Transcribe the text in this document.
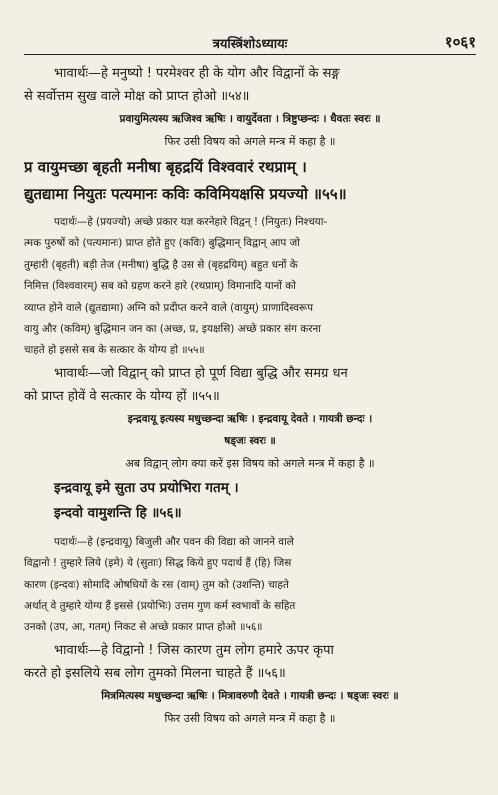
त्रयस्त्रिंशोऽध्यायः	१०६१
भावार्थः—हे मनुष्यो ! परमेश्वर ही के योग और विद्वानों के सङ्ग
से सर्वोत्तम सुख वाले मोक्ष को प्राप्त होओ ॥५४॥
प्रवायुमित्यस्य ऋजिश्व ऋषिः । वायुर्देवता । त्रिष्टुप्छन्दः । धैवतः स्वरः ॥
फिर उसी विषय को अगले मन्त्र में कहा है ॥
प्र वायुमच्छा बृहती मनीषा बृहद्रयिं विश्ववारं रथप्राम् ।
द्युतद्यामा नियुतः पत्यमानः कविः कविमियक्षसि प्रयज्यो ॥५५॥
पदार्थः—हे (प्रयज्यो) अच्छे प्रकार यज्ञ करनेहारे विद्वन् ! (नियुतः) निश्चया-
त्मक पुरुषों को (पत्यमानः) प्राप्त होते हुए (कविः) बुद्धिमान् विद्वान् आप जो
तुम्हारी (बृहती) बड़ी तेज (मनीषा) बुद्धि है उस से (बृहद्रयिम्) बहुत धनों के
निमित्त (विश्ववारम्) सब को ग्रहण करने हारे (रथप्राम्) विमानादि यानों को
व्याप्त होने वाले (द्युतद्यामा) अग्नि को प्रदीप्त करने वाले (वायुम्) प्राणादिस्वरूप
वायु और (कविम्) बुद्धिमान जन का (अच्छ, प्र, इयक्षसि) अच्छे प्रकार संग करना
चाहते हो इससे सब के सत्कार के योग्य हो ॥५५॥
भावार्थः—जो विद्वान् को प्राप्त हो पूर्ण विद्या बुद्धि और समग्र धन
को प्राप्त होवें वे सत्कार के योग्य हों ॥५५॥
इन्द्रवायू इत्यस्य मधुच्छन्दा ऋषिः । इन्द्रवायू देवते । गायत्री छन्दः ।
षड्जः स्वरः ॥
अब विद्वान् लोग क्या करें इस विषय को अगले मन्त्र में कहा है ॥
इन्द्रवायू इमे सुता उप प्रयोभिरा गतम् ।
इन्दवो वामुशन्ति हि ॥५६॥
पदार्थः—हे (इन्द्रवायू) बिजुली और पवन की विद्या को जानने वाले
विद्वानो ! तुम्हारे लिये (इमे) ये (सुताः) सिद्ध किये हुए पदार्थ हैं (हि) जिस
कारण (इन्दवः) सोमादि ओषधियों के रस (वाम्) तुम को (उशन्ति) चाहते
अर्थात् वे तुम्हारे योग्य हैं इससे (प्रयोभिः) उत्तम गुण कर्म स्वभावों के सहित
उनको (उप, आ, गतम्) निकट से अच्छे प्रकार प्राप्त होओ ॥५६॥
भावार्थः—हे विद्वानो ! जिस कारण तुम लोग हमारे ऊपर कृपा
करते हो इसलिये सब लोग तुमको मिलना चाहते हैं ॥५६॥
मित्रमित्यस्य मधुच्छन्दा ऋषिः । मित्रावरुणौ देवते । गायत्री छन्दः । षड्जः स्वरः ॥
फिर उसी विषय को अगले मन्त्र में कहा है ॥
